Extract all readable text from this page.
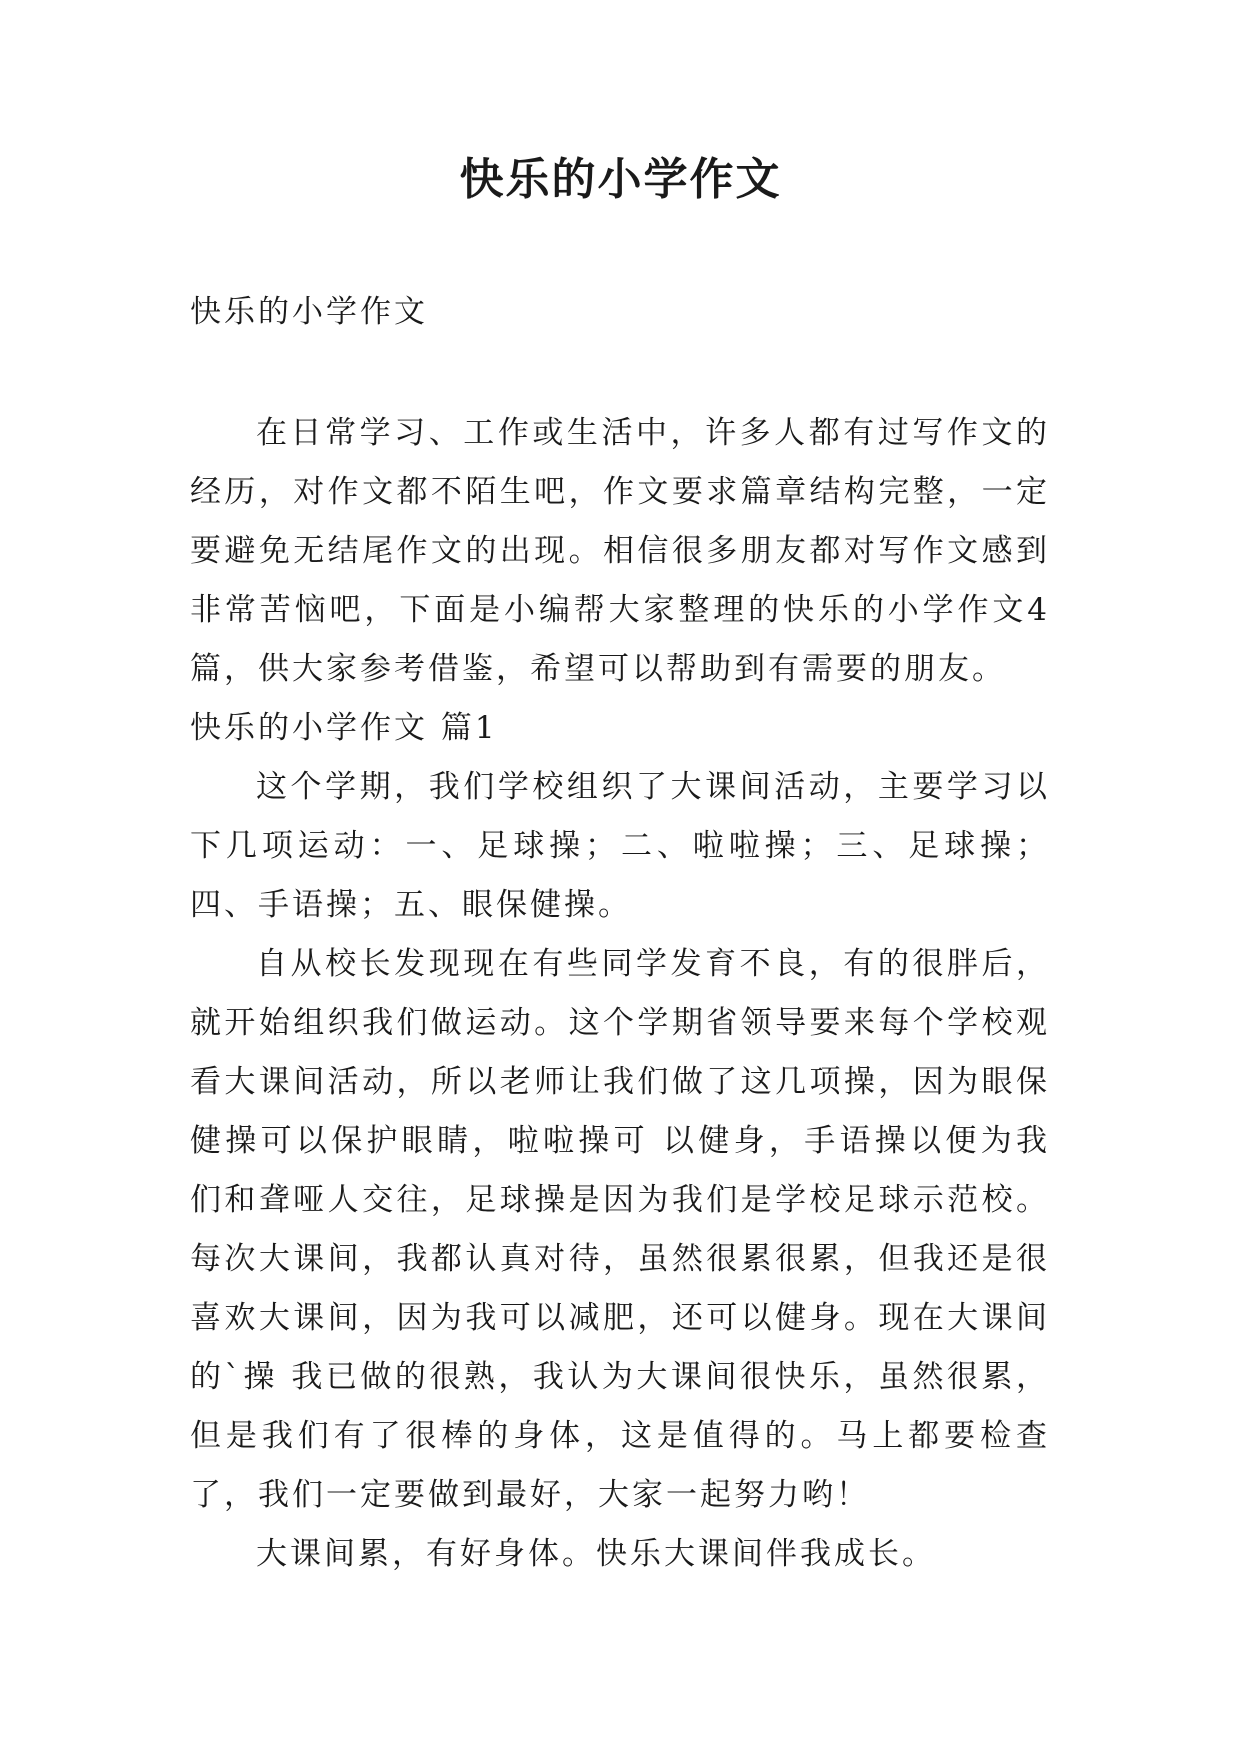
快乐的小学作文

快乐的小学作文

在日常学习、工作或生活中，许多人都有过写作文的经历，对作文都不陌生吧，作文要求篇章结构完整，一定要避免无结尾作文的出现。相信很多朋友都对写作文感到非常苦恼吧，下面是小编帮大家整理的快乐的小学作文4篇，供大家参考借鉴，希望可以帮助到有需要的朋友。

快乐的小学作文 篇1

这个学期，我们学校组织了大课间活动，主要学习以下几项运动：一、足球操；二、啦啦操；三、足球操；四、手语操；五、眼保健操。

自从校长发现现在有些同学发育不良，有的很胖后，就开始组织我们做运动。这个学期省领导要来每个学校观看大课间活动，所以老师让我们做了这几项操，因为眼保健操可以保护眼睛，啦啦操可 以健身，手语操以便为我们和聋哑人交往，足球操是因为我们是学校足球示范校。每次大课间，我都认真对待，虽然很累很累，但我还是很喜欢大课间，因为我可以减肥，还可以健身。现在大课间的`操 我已做的很熟，我认为大课间很快乐，虽然很累，但是我们有了很棒的身体，这是值得的。马上都要检查了，我们一定要做到最好，大家一起努力哟！

大课间累，有好身体。快乐大课间伴我成长。
